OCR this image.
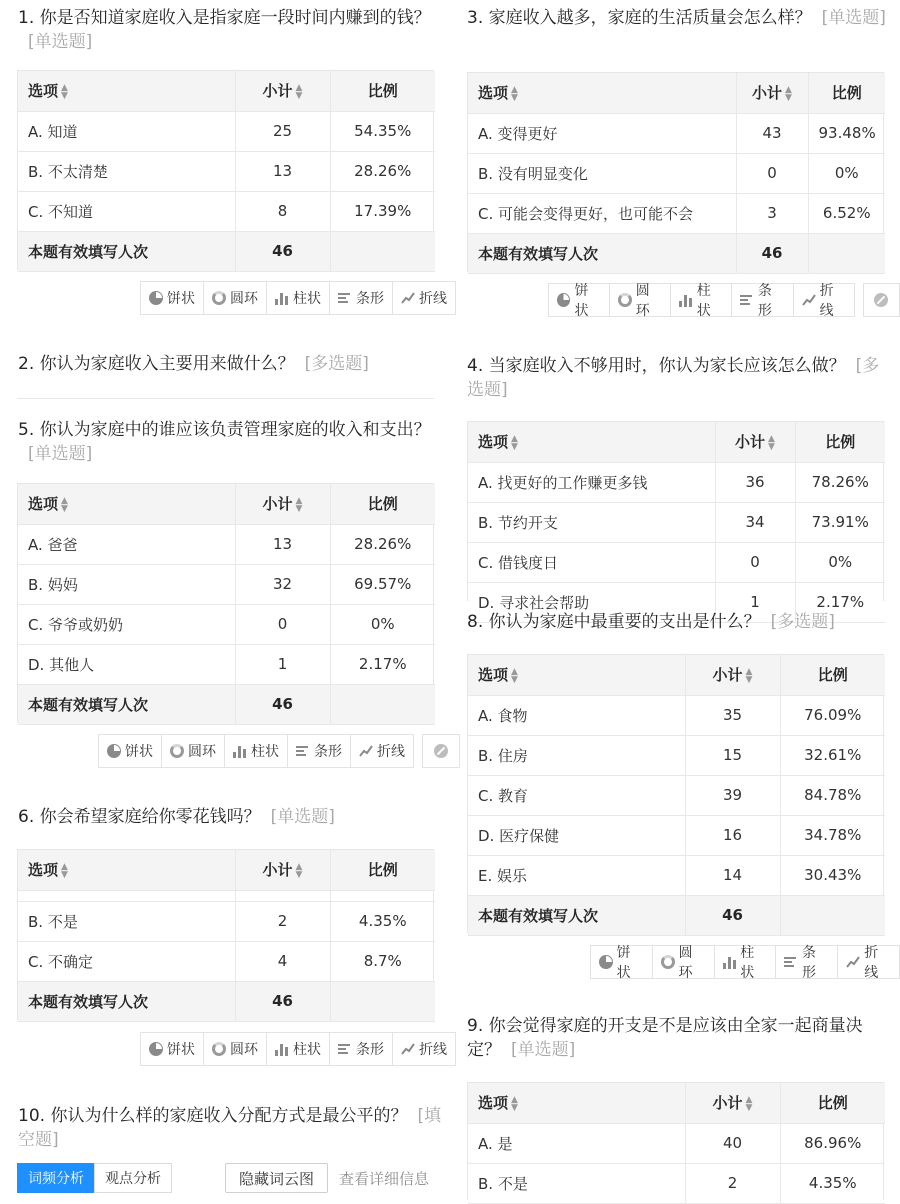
1. 你是否知道家庭收入是指家庭一段时间内赚到的钱？[单选题]
选项 ▲
▼	小计 ▲
▼	比例
A. 知道	25	54.35%
B. 不太清楚	13	28.26%
C. 不知道	8	17.39%
本题有效填写人次	46	
饼状	圆环	柱状	条形	折线
2. 你认为家庭收入主要用来做什么？ [多选题]
5. 你认为家庭中的谁应该负责管理家庭的收入和支出？[单选题]
选项 ▲
▼	小计 ▲
▼	比例
A. 爸爸	13	28.26%
B. 妈妈	32	69.57%
C. 爷爷或奶奶	0	0%
D. 其他人	1	2.17%
本题有效填写人次	46	
饼状	圆环	柱状	条形	折线
6. 你会希望家庭给你零花钱吗？ [单选题]
选项 ▲
▼	小计 ▲
▼	比例

B. 不是	2	4.35%
C. 不确定	4	8.7%
本题有效填写人次	46	
饼状	圆环	柱状	条形	折线
10. 你认为什么样的家庭收入分配方式是最公平的？ [填空题]
词频分析	观点分析	隐藏词云图	查看详细信息
3. 家庭收入越多，家庭的生活质量会怎么样？ [单选题]
选项 ▲
▼	小计 ▲
▼	比例
A. 变得更好	43	93.48%
B. 没有明显变化	0	0%
C. 可能会变得更好，也可能不会	3	6.52%
本题有效填写人次	46	
饼状
圆环
柱状
条形
折线
4. 当家庭收入不够用时，你认为家长应该怎么做？ [多选题]
选项 ▲
▼	小计 ▲
▼	比例
A. 找更好的工作赚更多钱	36	78.26%
B. 节约开支	34	73.91%
C. 借钱度日	0	0%
D. 寻求社会帮助	1	2.17%
8. 你认为家庭中最重要的支出是什么？ [多选题]
选项 ▲
▼	小计 ▲
▼	比例
A. 食物	35	76.09%
B. 住房	15	32.61%
C. 教育	39	84.78%
D. 医疗保健	16	34.78%
E. 娱乐	14	30.43%
本题有效填写人次	46	
饼状
圆环
柱状
条形
折线
9. 你会觉得家庭的开支是不是应该由全家一起商量决定？ [单选题]
选项 ▲
▼	小计 ▲
▼	比例
A. 是	40	86.96%
B. 不是	2	4.35%
